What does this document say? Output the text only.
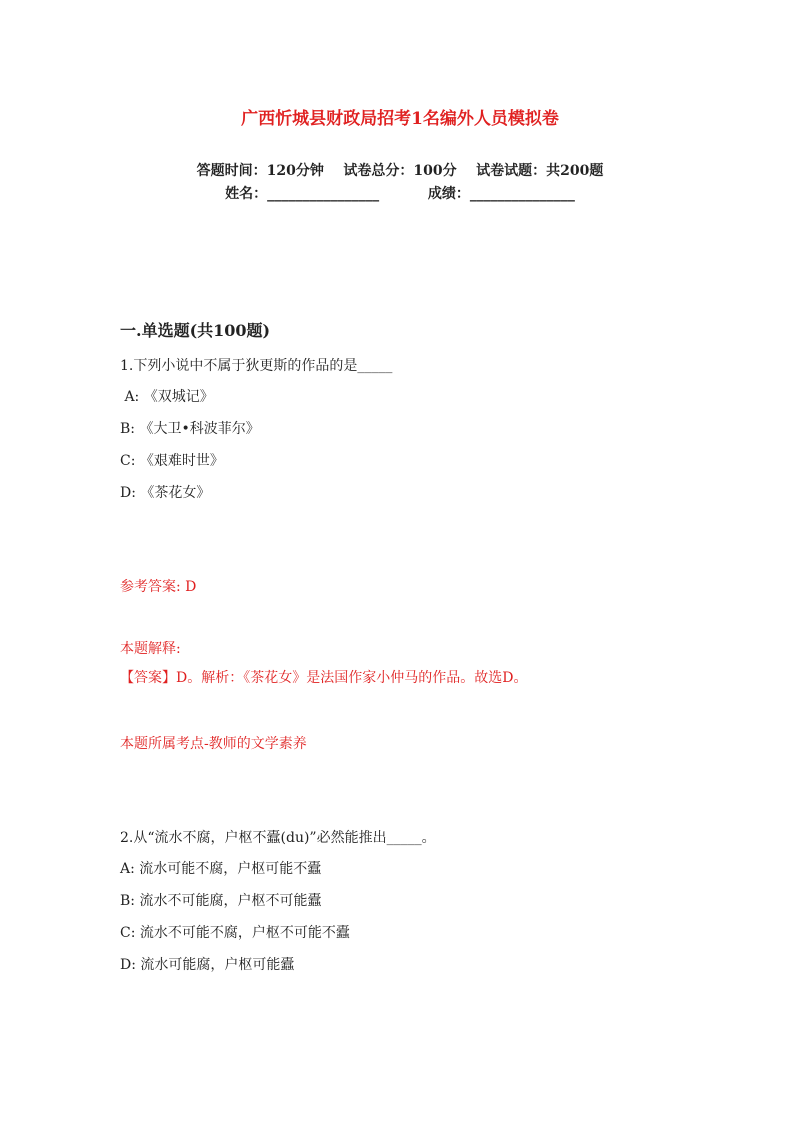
广西忻城县财政局招考1名编外人员模拟卷
答题时间：120分钟    试卷总分：100分    试卷试题：共200题
姓名：________________          成绩：_______________
一.单选题(共100题)
1.下列小说中不属于狄更斯的作品的是_____
A: 《双城记》
B: 《大卫•科波菲尔》
C: 《艰难时世》
D: 《茶花女》
参考答案: D
本题解释:
【答案】D。解析：《茶花女》是法国作家小仲马的作品。故选D。
本题所属考点-教师的文学素养
2.从“流水不腐，户枢不蠹(du)”必然能推出_____。
A: 流水可能不腐，户枢可能不蠹
B: 流水不可能腐，户枢不可能蠹
C: 流水不可能不腐，户枢不可能不蠹
D: 流水可能腐，户枢可能蠹
